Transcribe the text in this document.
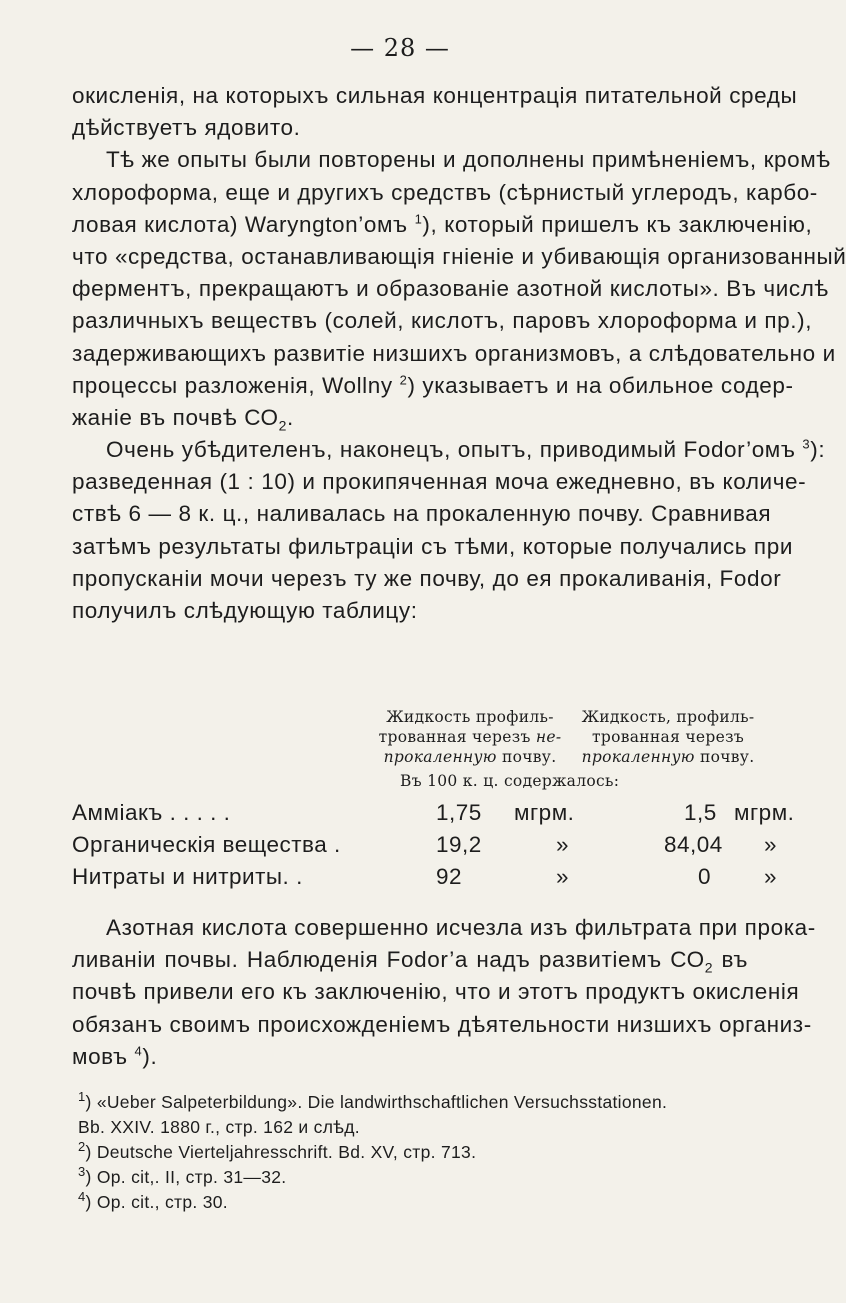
— 28 —
окисленія, на которыхъ сильная концентрація питательной среды
дѣйствуетъ ядовито.
Тѣ же опыты были повторены и дополнены примѣненіемъ, кромѣ
хлороформа, еще и другихъ средствъ (сѣрнистый углеродъ, карбо-
ловая кислота) Warуngton’омъ $^1$), который пришелъ къ заключенію,
что «средства, останавливающія гніеніе и убивающія организованный
ферментъ, прекращаютъ и образованіе азотной кислоты». Въ числѣ
различныхъ веществъ (солей, кислотъ, паровъ хлороформа и пр.),
задерживающихъ развитіе низшихъ организмовъ, а слѣдовательно и
процессы разложенія, Wollnу $^2$) указываетъ и на обильное содер-
жаніе въ почвѣ $СО_2$.
Очень убѣдителенъ, наконецъ, опытъ, приводимый Fodor’омъ $^3$):
разведенная (1 : 10) и прокипяченная моча ежедневно, въ количе-
ствѣ 6 — 8 к. ц., наливалась на прокаленную почву. Сравнивая
затѣмъ результаты фильтраціи съ тѣми, которые получались при
пропусканіи мочи черезъ ту же почву, до ея прокаливанія, Fodor
получилъ слѣдующую таблицу:
Жидкость профиль-
трованная черезъ не-
прокаленную почву.
Жидкость, профиль-
трованная черезъ
прокаленную почву.
Въ 100 к. ц. содержалось:
Амміакъ . . . . .	1,75 мгрм.	1,5 мгрм.
Органическія вещества .	19,2	»	84,04 »
Нитраты и нитриты. .	92	»	0 »
Азотная кислота совершенно исчезла изъ фильтрата при прока-
ливаніи почвы. Наблюденія Fodor’a надъ развитіемъ $СО_2$ въ
почвѣ привели его къ заключенію, что и этотъ продуктъ окисленія
обязанъ своимъ происхожденіемъ дѣятельности низшихъ организ-
мовъ $^4$).
$^1$) «Ueber Salpeterbildung». Die landwirthschaftlichen Versuchsstationen.
Bb. XXIV. 1880 г., стр. 162 и слѣд.
$^2$) Deutsche Vierteljahresschrift. Bd. XV, стр. 713.
$^3$) Op. cit,. II, стр. 31—32.
$^4$) Op. cit., стр. 30.
